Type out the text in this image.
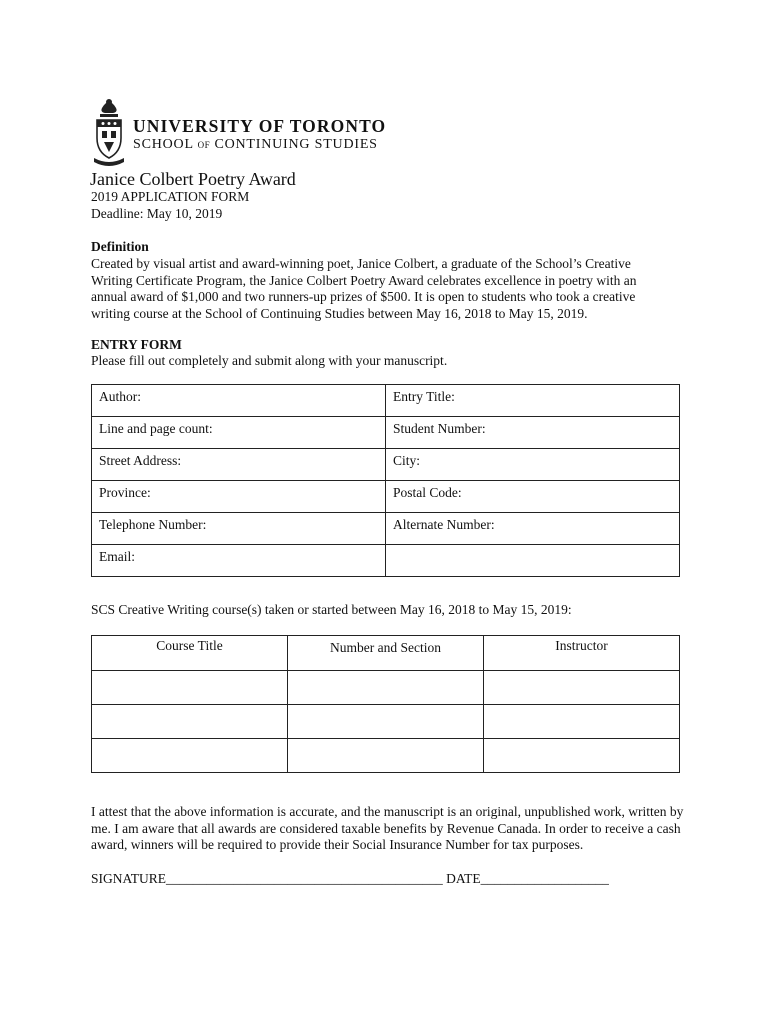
UNIVERSITY OF TORONTO
SCHOOL OF CONTINUING STUDIES
Janice Colbert Poetry Award
2019 APPLICATION FORM
Deadline: May 10, 2019
Definition
Created by visual artist and award-winning poet, Janice Colbert, a graduate of the School’s Creative Writing Certificate Program, the Janice Colbert Poetry Award celebrates excellence in poetry with an annual award of $1,000 and two runners-up prizes of $500. It is open to students who took a creative writing course at the School of Continuing Studies between May 16, 2018 to May 15, 2019.
ENTRY FORM
Please fill out completely and submit along with your manuscript.
Author:	Entry Title:
Line and page count:	Student Number:
Street Address:	City:
Province:	Postal Code:
Telephone Number:	Alternate Number:
Email:	
SCS Creative Writing course(s) taken or started between May 16, 2018 to May 15, 2019:
Course Title	Number and Section	Instructor

I attest that the above information is accurate, and the manuscript is an original, unpublished work, written by me. I am aware that all awards are considered taxable benefits by Revenue Canada. In order to receive a cash award, winners will be required to provide their Social Insurance Number for tax purposes.
SIGNATURE_________________________________________ DATE___________________
